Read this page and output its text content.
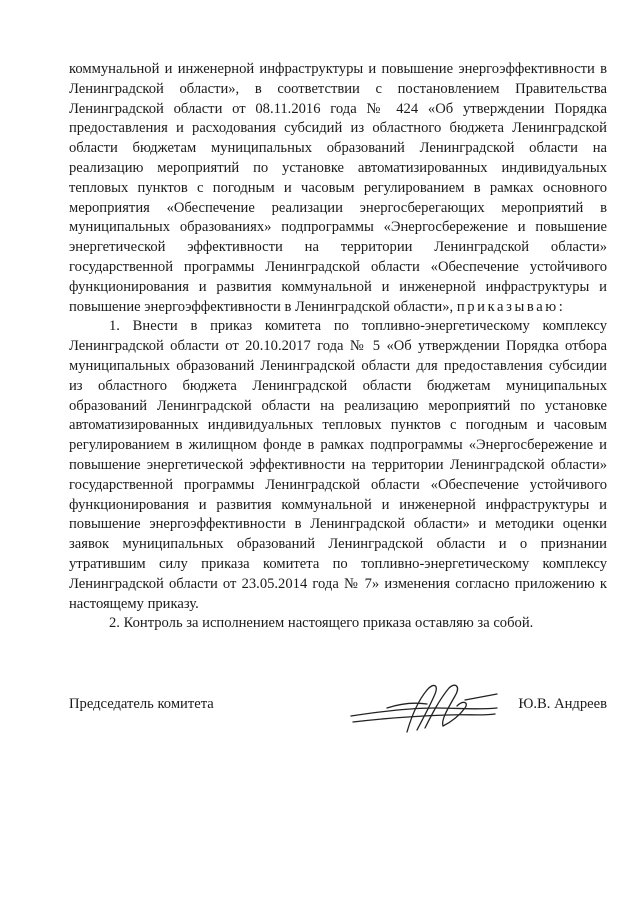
коммунальной и инженерной инфраструктуры и повышение энергоэффективности в Ленинградской области», в соответствии с постановлением Правительства Ленинградской области от 08.11.2016 года № 424 «Об утверждении Порядка предоставления и расходования субсидий из областного бюджета Ленинградской области бюджетам муниципальных образований Ленинградской области на реализацию мероприятий по установке автоматизированных индивидуальных тепловых пунктов с погодным и часовым регулированием в рамках основного мероприятия «Обеспечение реализации энергосберегающих мероприятий в муниципальных образованиях» подпрограммы «Энергосбережение и повышение энергетической эффективности на территории Ленинградской области» государственной программы Ленинградской области «Обеспечение устойчивого функционирования и развития коммунальной и инженерной инфраструктуры и повышение энергоэффективности в Ленинградской области», приказываю:

1. Внести в приказ комитета по топливно-энергетическому комплексу Ленинградской области от 20.10.2017 года № 5 «Об утверждении Порядка отбора муниципальных образований Ленинградской области для предоставления субсидии из областного бюджета Ленинградской области бюджетам муниципальных образований Ленинградской области на реализацию мероприятий по установке автоматизированных индивидуальных тепловых пунктов с погодным и часовым регулированием в жилищном фонде в рамках подпрограммы «Энергосбережение и повышение энергетической эффективности на территории Ленинградской области» государственной программы Ленинградской области «Обеспечение устойчивого функционирования и развития коммунальной и инженерной инфраструктуры и повышение энергоэффективности в Ленинградской области» и методики оценки заявок муниципальных образований Ленинградской области и о признании утратившим силу приказа комитета по топливно-энергетическому комплексу Ленинградской области от 23.05.2014 года № 7» изменения согласно приложению к настоящему приказу.

2. Контроль за исполнением настоящего приказа оставляю за собой.

Председатель комитета	Ю.В. Андреев
